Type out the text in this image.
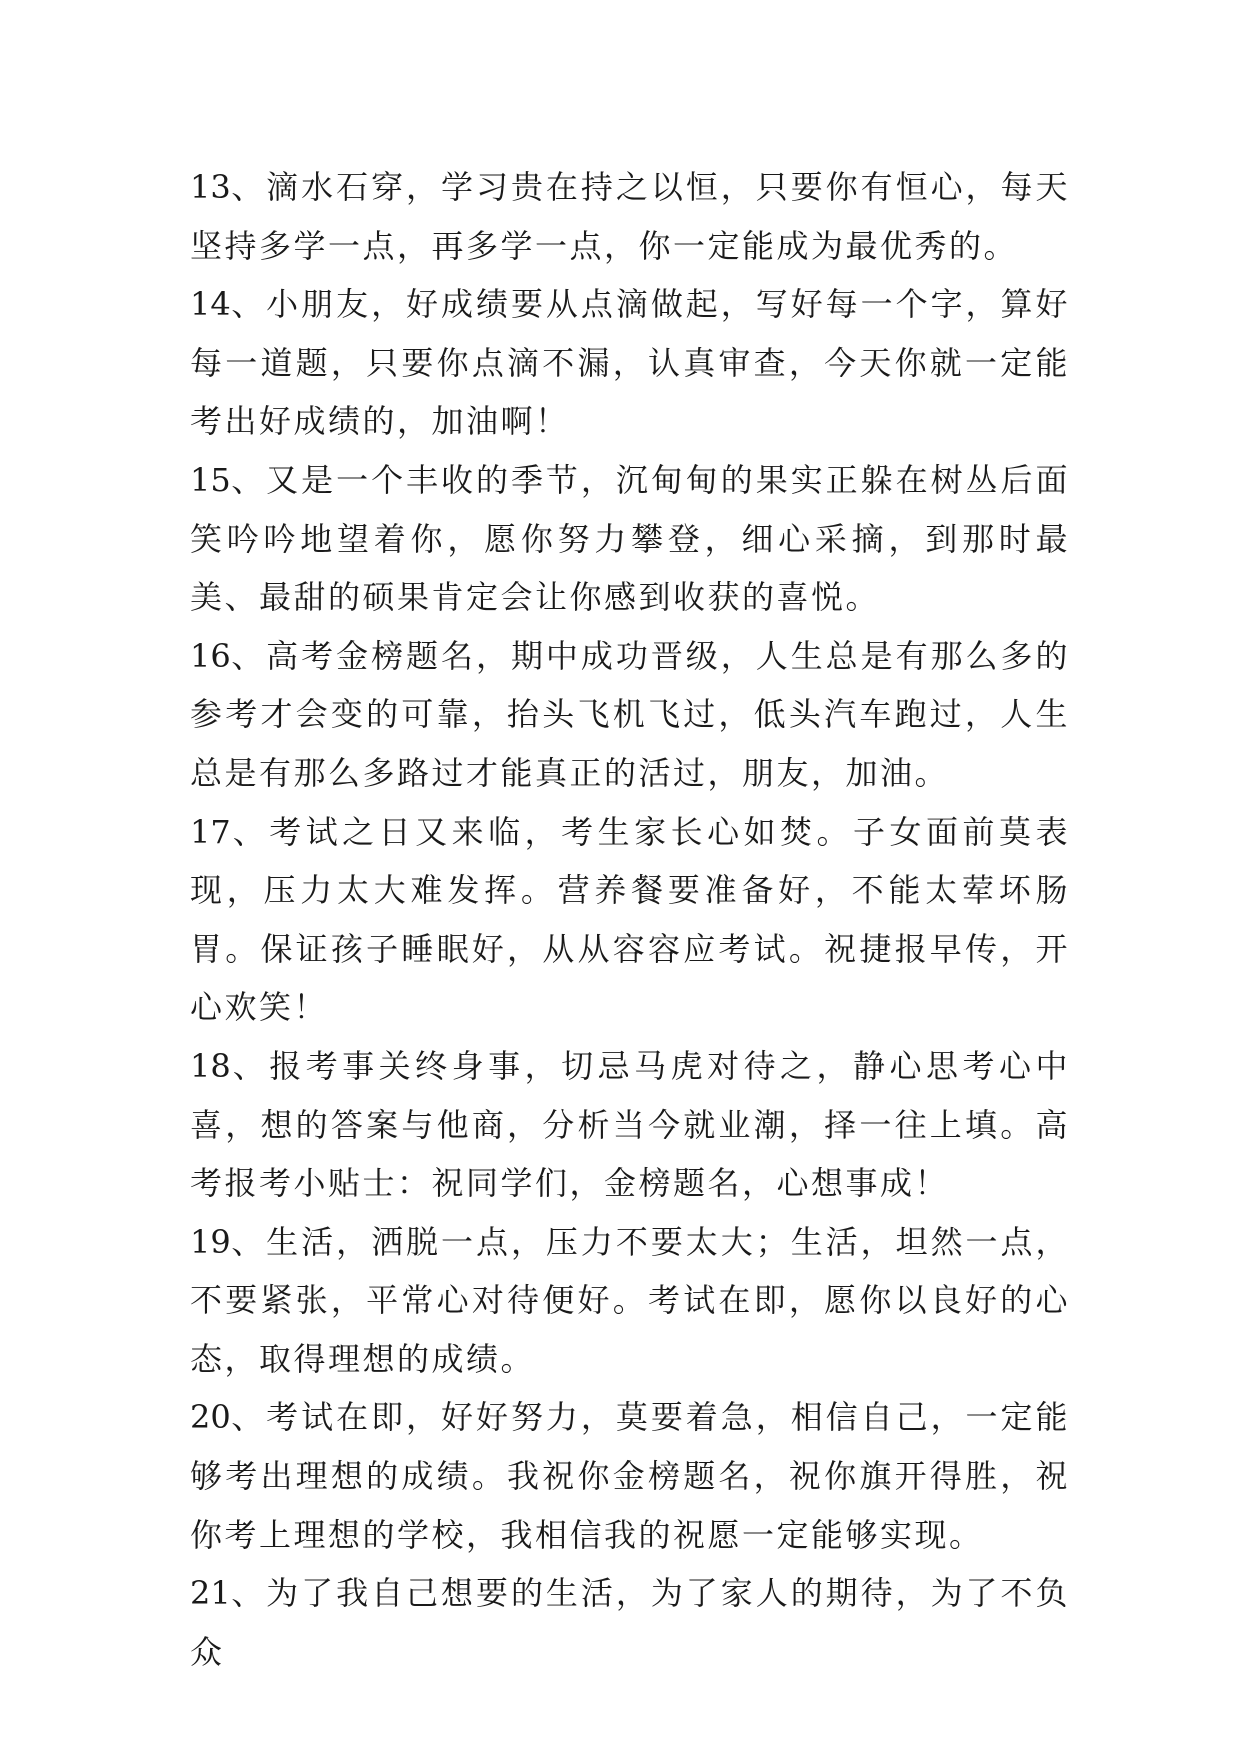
13、滴水石穿，学习贵在持之以恒，只要你有恒心，每天坚持多学一点，再多学一点，你一定能成为最优秀的。

14、小朋友，好成绩要从点滴做起，写好每一个字，算好每一道题，只要你点滴不漏，认真审查，今天你就一定能考出好成绩的，加油啊！

15、又是一个丰收的季节，沉甸甸的果实正躲在树丛后面笑吟吟地望着你，愿你努力攀登，细心采摘，到那时最美、最甜的硕果肯定会让你感到收获的喜悦。

16、高考金榜题名，期中成功晋级，人生总是有那么多的参考才会变的可靠，抬头飞机飞过，低头汽车跑过，人生总是有那么多路过才能真正的活过，朋友，加油。

17、考试之日又来临，考生家长心如焚。子女面前莫表现，压力太大难发挥。营养餐要准备好，不能太荤坏肠胃。保证孩子睡眠好，从从容容应考试。祝捷报早传，开心欢笑！

18、报考事关终身事，切忌马虎对待之，静心思考心中喜，想的答案与他商，分析当今就业潮，择一往上填。高考报考小贴士：祝同学们，金榜题名，心想事成！

19、生活，洒脱一点，压力不要太大；生活，坦然一点，不要紧张，平常心对待便好。考试在即，愿你以良好的心态，取得理想的成绩。

20、考试在即，好好努力，莫要着急，相信自己，一定能够考出理想的成绩。我祝你金榜题名，祝你旗开得胜，祝你考上理想的学校，我相信我的祝愿一定能够实现。

21、为了我自己想要的生活，为了家人的期待，为了不负众
